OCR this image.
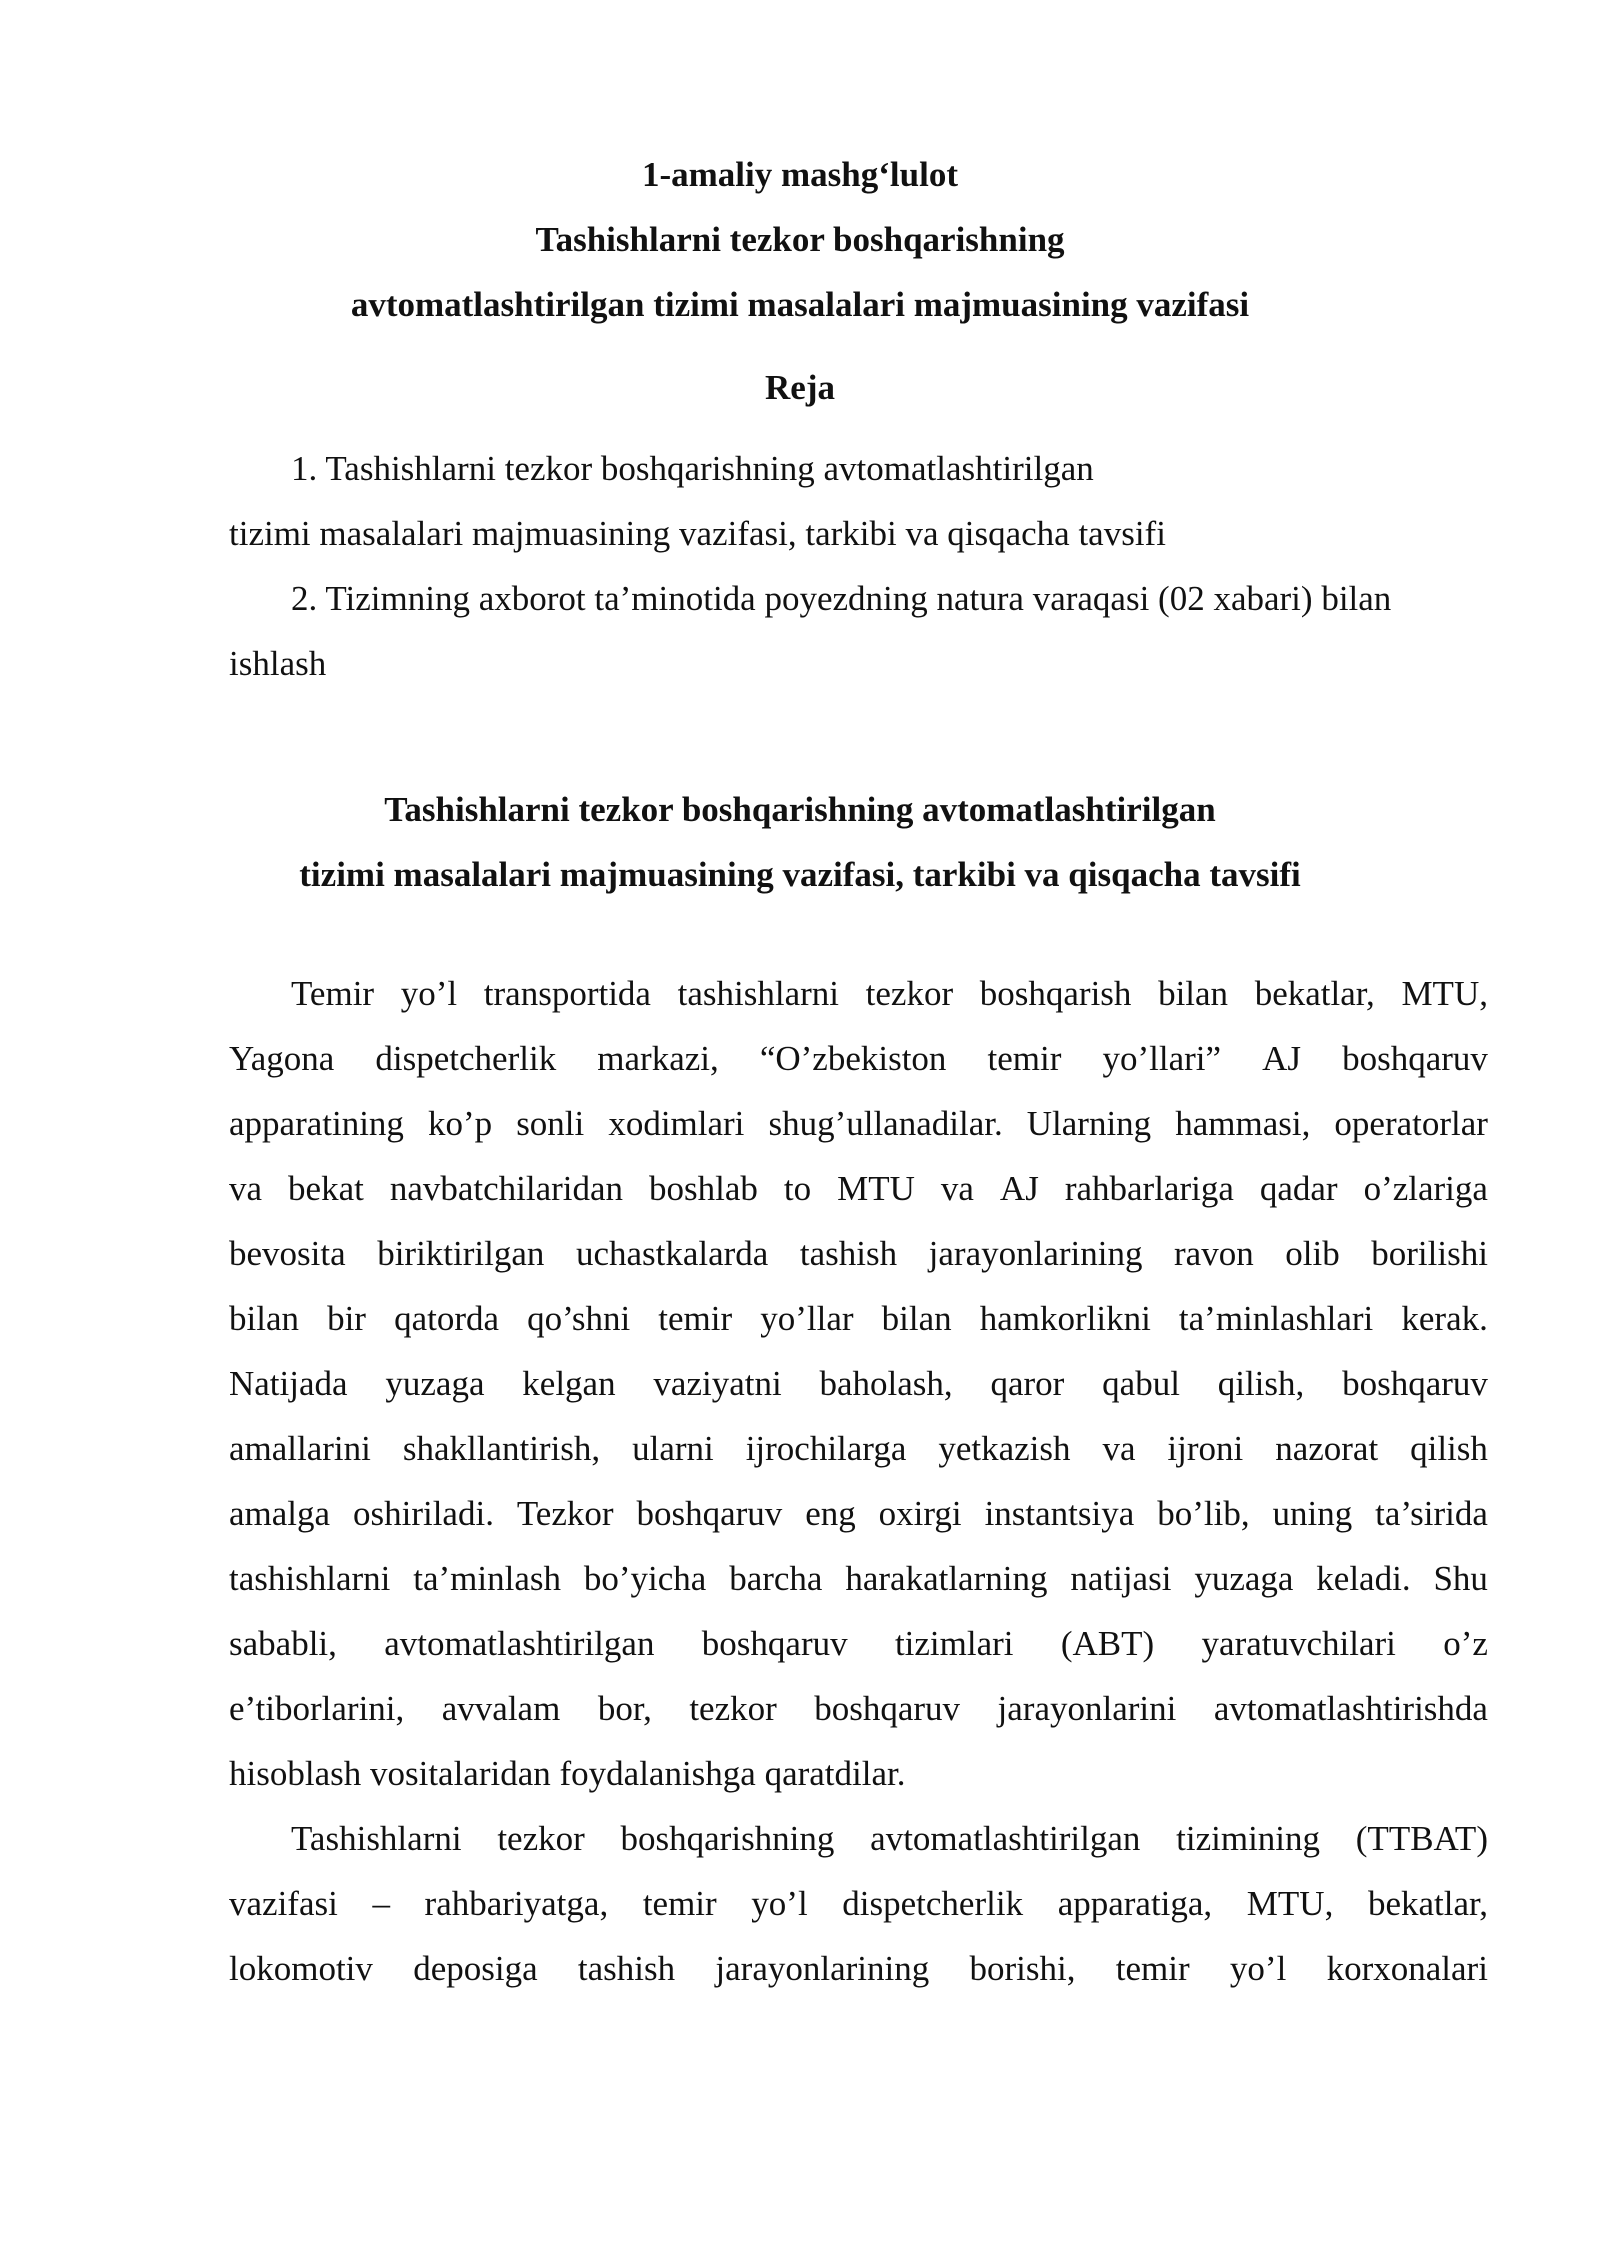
1-amaliy mashg‘lulot
Tashishlarni tezkor boshqarishning
avtomatlashtirilgan tizimi masalalari majmuasining vazifasi
Reja
1. Tashishlarni tezkor boshqarishning avtomatlashtirilgan
tizimi masalalari majmuasining vazifasi, tarkibi va qisqacha tavsifi
2. Tizimning axborot ta’minotida poyezdning natura varaqasi (02 xabari) bilan
ishlash
Tashishlarni tezkor boshqarishning avtomatlashtirilgan
tizimi masalalari majmuasining vazifasi, tarkibi va qisqacha tavsifi
Temir yo’l transportida tashishlarni tezkor boshqarish bilan bekatlar, MTU,
Yagona dispetcherlik markazi, “O’zbekiston temir yo’llari” AJ boshqaruv
apparatining ko’p sonli xodimlari shug’ullanadilar. Ularning hammasi, operatorlar
va bekat navbatchilaridan boshlab to MTU va AJ rahbarlariga qadar o’zlariga
bevosita biriktirilgan uchastkalarda tashish jarayonlarining ravon olib borilishi
bilan bir qatorda qo’shni temir yo’llar bilan hamkorlikni ta’minlashlari kerak.
Natijada yuzaga kelgan vaziyatni baholash, qaror qabul qilish, boshqaruv
amallarini shakllantirish, ularni ijrochilarga yetkazish va ijroni nazorat qilish
amalga oshiriladi. Tezkor boshqaruv eng oxirgi instantsiya bo’lib, uning ta’sirida
tashishlarni ta’minlash bo’yicha barcha harakatlarning natijasi yuzaga keladi. Shu
sababli, avtomatlashtirilgan boshqaruv tizimlari (ABT) yaratuvchilari o’z
e’tiborlarini, avvalam bor, tezkor boshqaruv jarayonlarini avtomatlashtirishda
hisoblash vositalaridan foydalanishga qaratdilar.
Tashishlarni tezkor boshqarishning avtomatlashtirilgan tizimining (TTBAT)
vazifasi – rahbariyatga, temir yo’l dispetcherlik apparatiga, MTU, bekatlar,
lokomotiv deposiga tashish jarayonlarining borishi, temir yo’l korxonalari
